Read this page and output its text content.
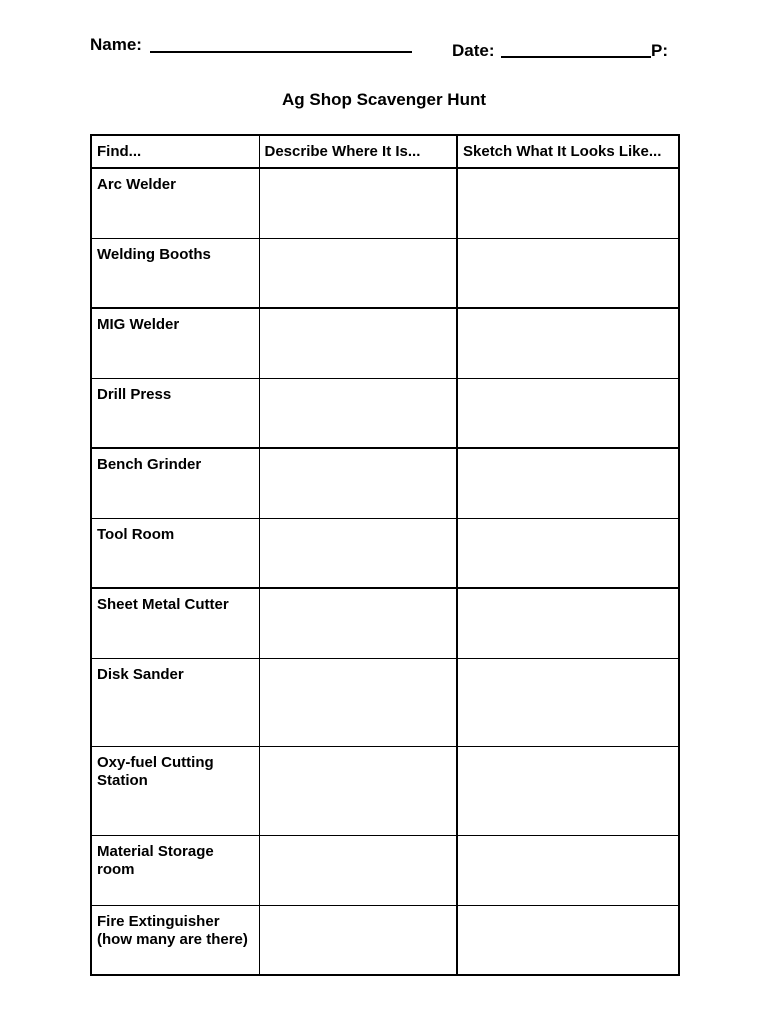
Name:	Date:	P:
Ag Shop Scavenger Hunt
Find...	Describe Where It Is...	Sketch What It Looks Like...
Arc Welder		
Welding Booths		
MIG Welder		
Drill Press		
Bench Grinder		
Tool Room		
Sheet Metal Cutter		
Disk Sander		
Oxy-fuel Cutting Station		
Material Storage room		
Fire Extinguisher (how many are there)		
